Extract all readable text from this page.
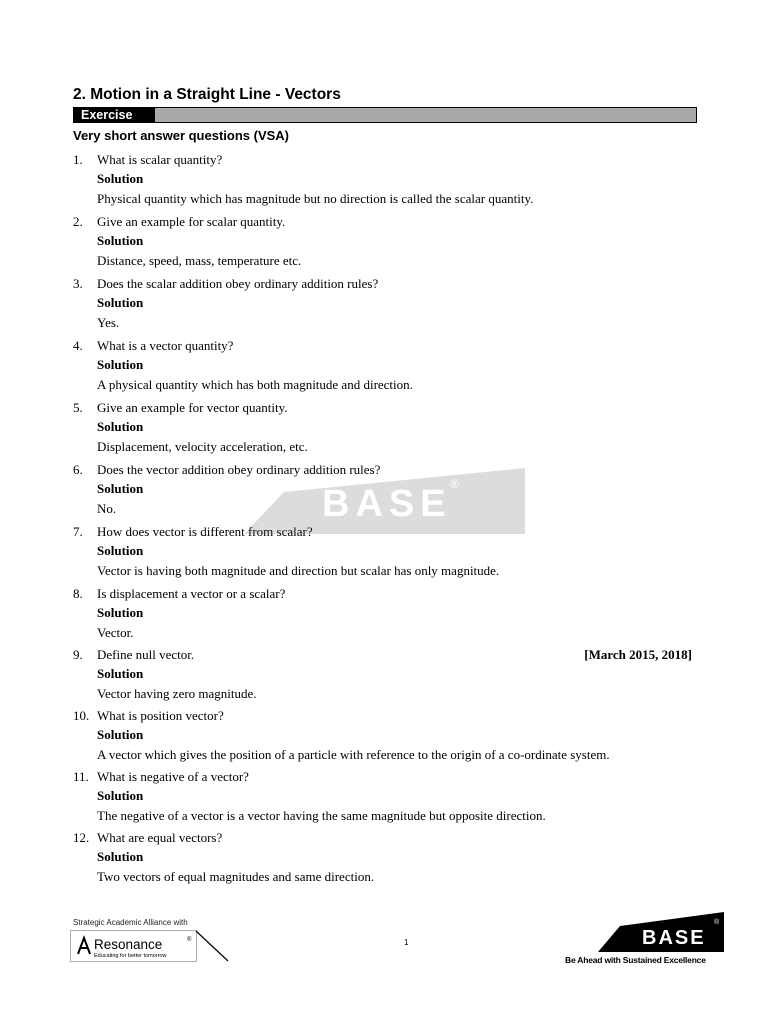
2. Motion in a Straight Line - Vectors
Exercise
Very short answer questions (VSA)
1. What is scalar quantity?
Solution
Physical quantity which has magnitude but no direction is called the scalar quantity.
2. Give an example for scalar quantity.
Solution
Distance, speed, mass, temperature etc.
3. Does the scalar addition obey ordinary addition rules?
Solution
Yes.
4. What is a vector quantity?
Solution
A physical quantity which has both magnitude and direction.
5. Give an example for vector quantity.
Solution
Displacement, velocity acceleration, etc.
6. Does the vector addition obey ordinary addition rules?
Solution
No.
7. How does vector is different from scalar?
Solution
Vector is having both magnitude and direction but scalar has only magnitude.
8. Is displacement a vector or a scalar?
Solution
Vector.
9. Define null vector.	[March 2015, 2018]
Solution
Vector having zero magnitude.
10. What is position vector?
Solution
A vector which gives the position of a particle with reference to the origin of a co-ordinate system.
11. What is negative of a vector?
Solution
The negative of a vector is a vector having the same magnitude but opposite direction.
12. What are equal vectors?
Solution
Two vectors of equal magnitudes and same direction.
BASE
®
Strategic Academic Alliance with
Resonance	®
Educating for better tomorrow
1	BASE
®
Be Ahead with Sustained Excellence
